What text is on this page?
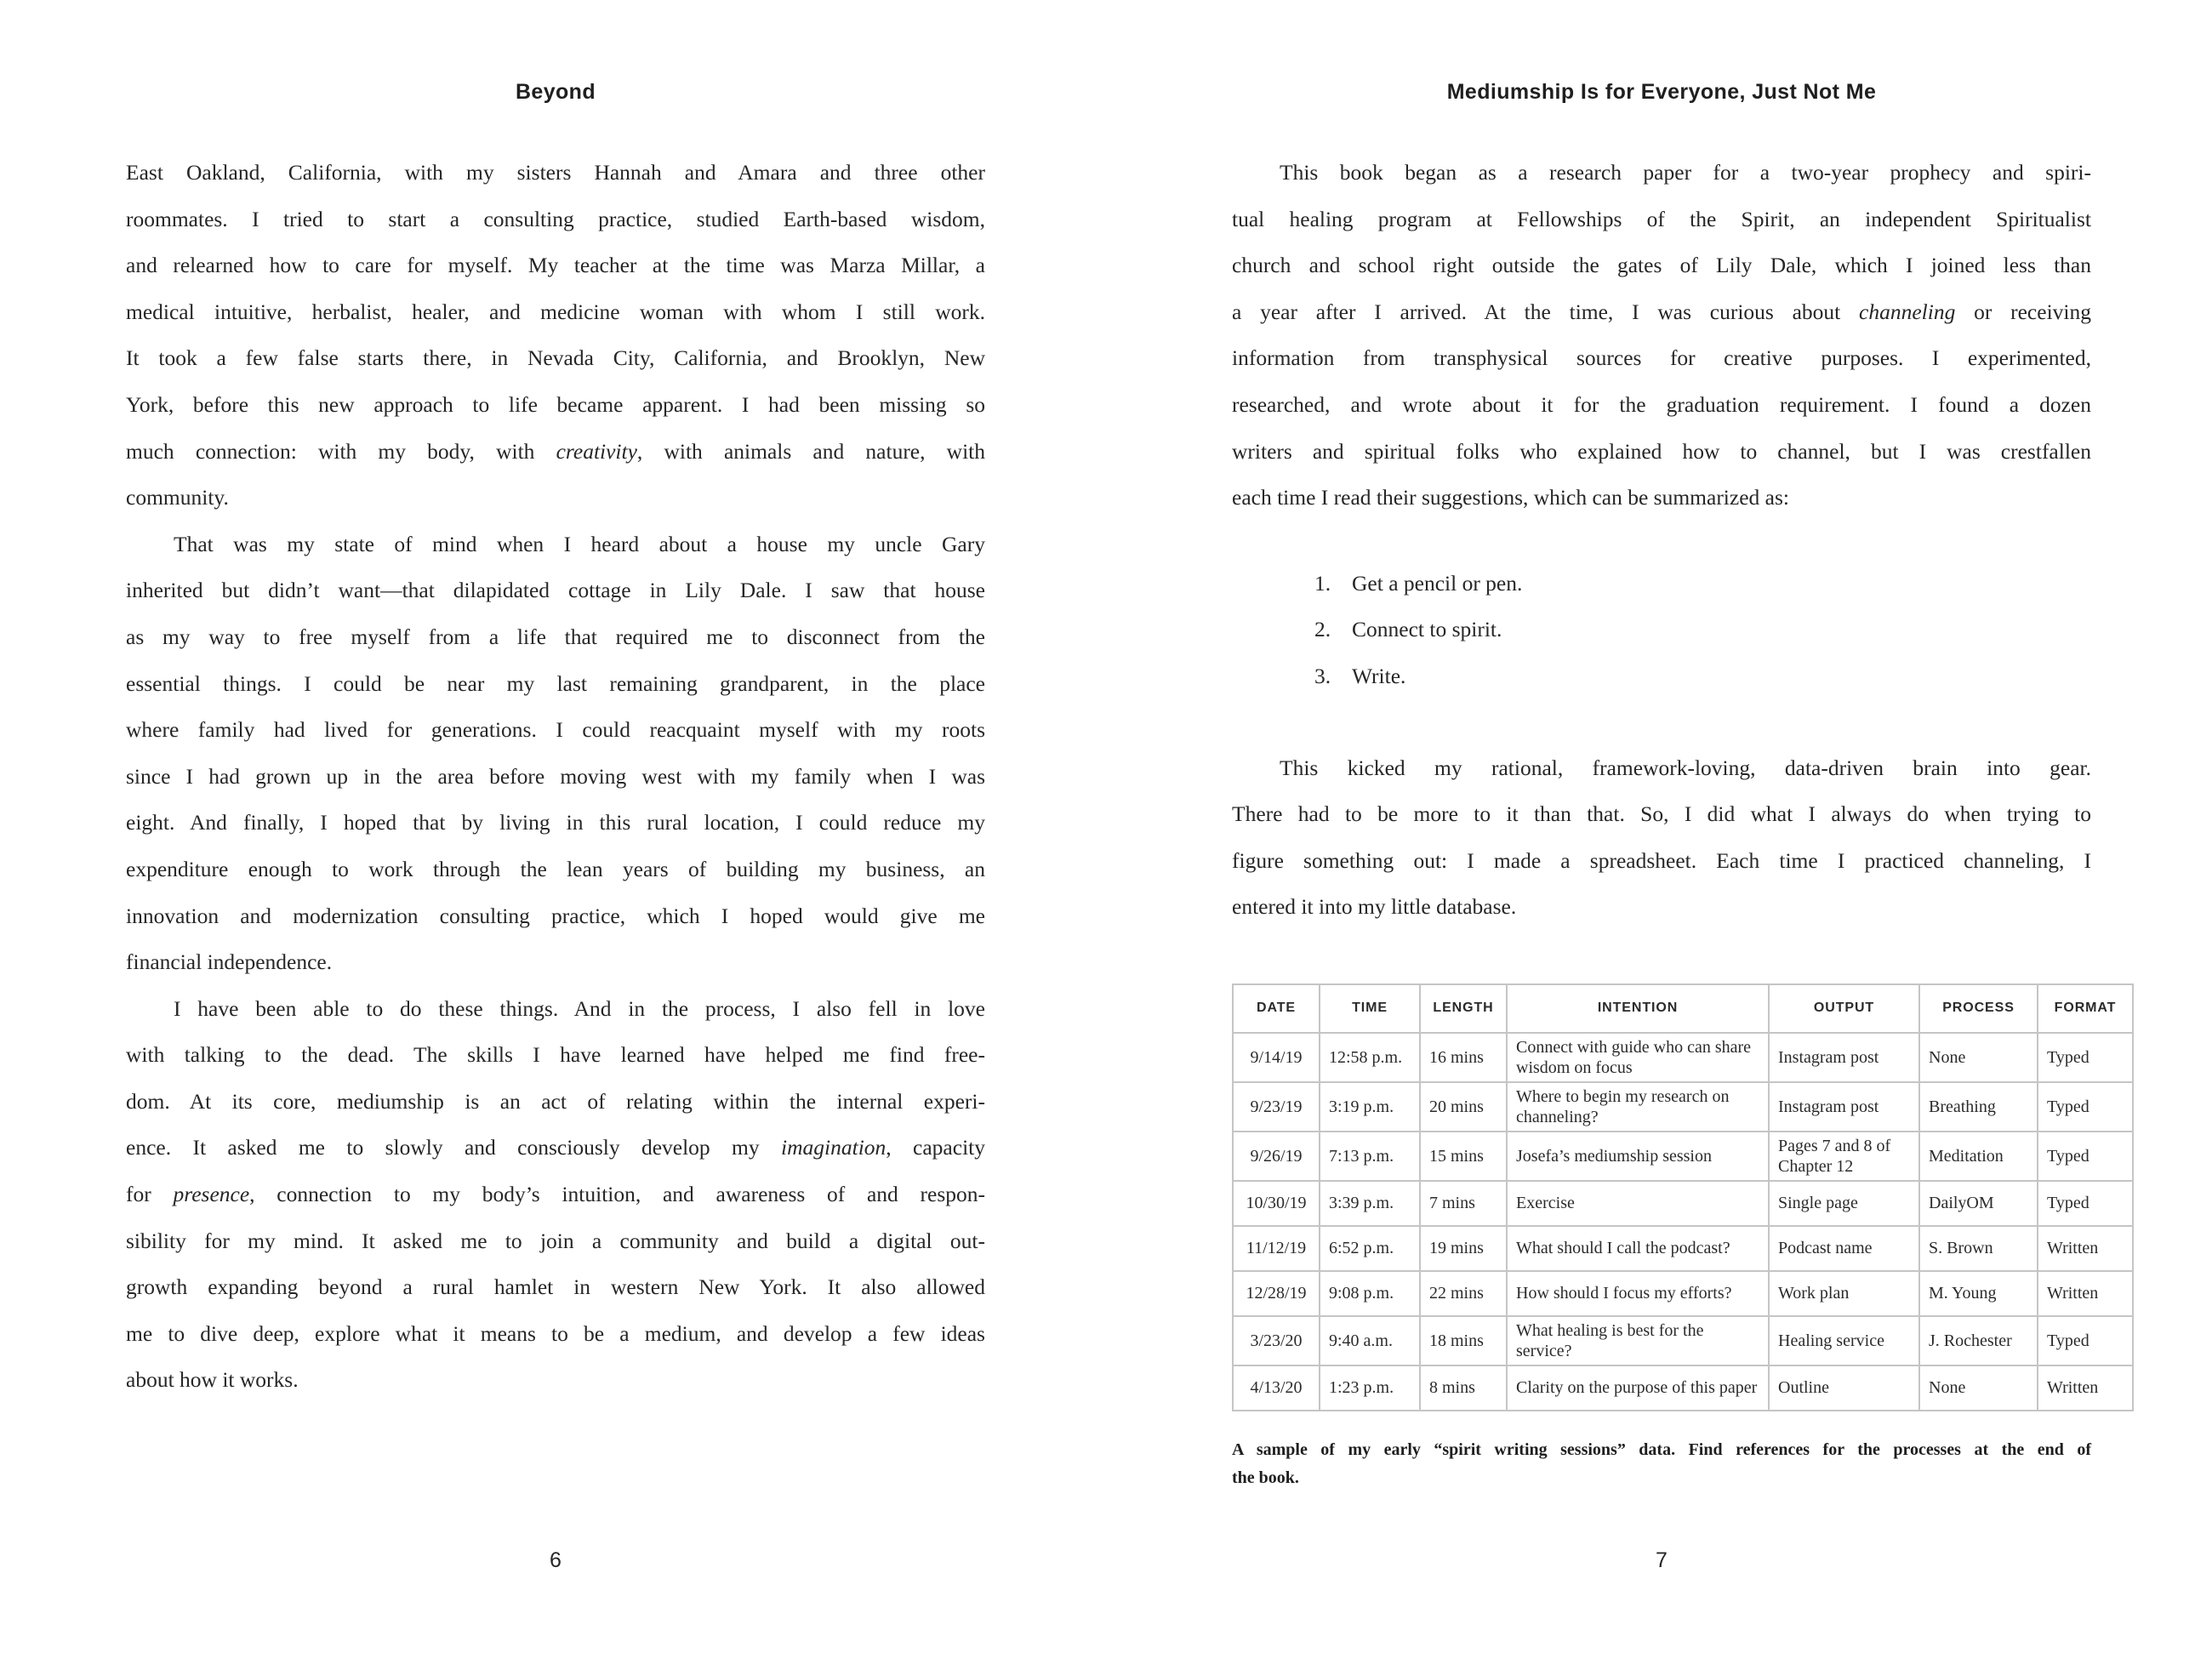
Beyond
East Oakland, California, with my sisters Hannah and Amara and three other
roommates. I tried to start a consulting practice, studied Earth-based wisdom,
and relearned how to care for myself. My teacher at the time was Marza Millar, a
medical intuitive, herbalist, healer, and medicine woman with whom I still work.
It took a few false starts there, in Nevada City, California, and Brooklyn, New
York, before this new approach to life became apparent. I had been missing so
much connection: with my body, with creativity, with animals and nature, with
community.
That was my state of mind when I heard about a house my uncle Gary
inherited but didn’t want—that dilapidated cottage in Lily Dale. I saw that house
as my way to free myself from a life that required me to disconnect from the
essential things. I could be near my last remaining grandparent, in the place
where family had lived for generations. I could reacquaint myself with my roots
since I had grown up in the area before moving west with my family when I was
eight. And finally, I hoped that by living in this rural location, I could reduce my
expenditure enough to work through the lean years of building my business, an
innovation and modernization consulting practice, which I hoped would give me
financial independence.
I have been able to do these things. And in the process, I also fell in love
with talking to the dead. The skills I have learned have helped me find free-
dom. At its core, mediumship is an act of relating within the internal experi-
ence. It asked me to slowly and consciously develop my imagination, capacity
for presence, connection to my body’s intuition, and awareness of and respon-
sibility for my mind. It asked me to join a community and build a digital out-
growth expanding beyond a rural hamlet in western New York. It also allowed
me to dive deep, explore what it means to be a medium, and develop a few ideas
about how it works.
6
Mediumship Is for Everyone, Just Not Me
This book began as a research paper for a two-year prophecy and spiri-
tual healing program at Fellowships of the Spirit, an independent Spiritualist
church and school right outside the gates of Lily Dale, which I joined less than
a year after I arrived. At the time, I was curious about channeling or receiving
information from transphysical sources for creative purposes. I experimented,
researched, and wrote about it for the graduation requirement. I found a dozen
writers and spiritual folks who explained how to channel, but I was crestfallen
each time I read their suggestions, which can be summarized as:
1. Get a pencil or pen.
2. Connect to spirit.
3. Write.
This kicked my rational, framework-loving, data-driven brain into gear.
There had to be more to it than that. So, I did what I always do when trying to
figure something out: I made a spreadsheet. Each time I practiced channeling, I
entered it into my little database.
DATE	TIME	LENGTH	INTENTION	OUTPUT	PROCESS	FORMAT
9/14/19	12:58 p.m.	16 mins	Connect with guide who can share wisdom on focus	Instagram post	None	Typed
9/23/19	3:19 p.m.	20 mins	Where to begin my research on channeling?	Instagram post	Breathing	Typed
9/26/19	7:13 p.m.	15 mins	Josefa’s mediumship session	Pages 7 and 8 of Chapter 12	Meditation	Typed
10/30/19	3:39 p.m.	7 mins	Exercise	Single page	DailyOM	Typed
11/12/19	6:52 p.m.	19 mins	What should I call the podcast?	Podcast name	S. Brown	Written
12/28/19	9:08 p.m.	22 mins	How should I focus my efforts?	Work plan	M. Young	Written
3/23/20	9:40 a.m.	18 mins	What healing is best for the service?	Healing service	J. Rochester	Typed
4/13/20	1:23 p.m.	8 mins	Clarity on the purpose of this paper	Outline	None	Written
A sample of my early “spirit writing sessions” data. Find references for the processes at the end of
the book.
7
